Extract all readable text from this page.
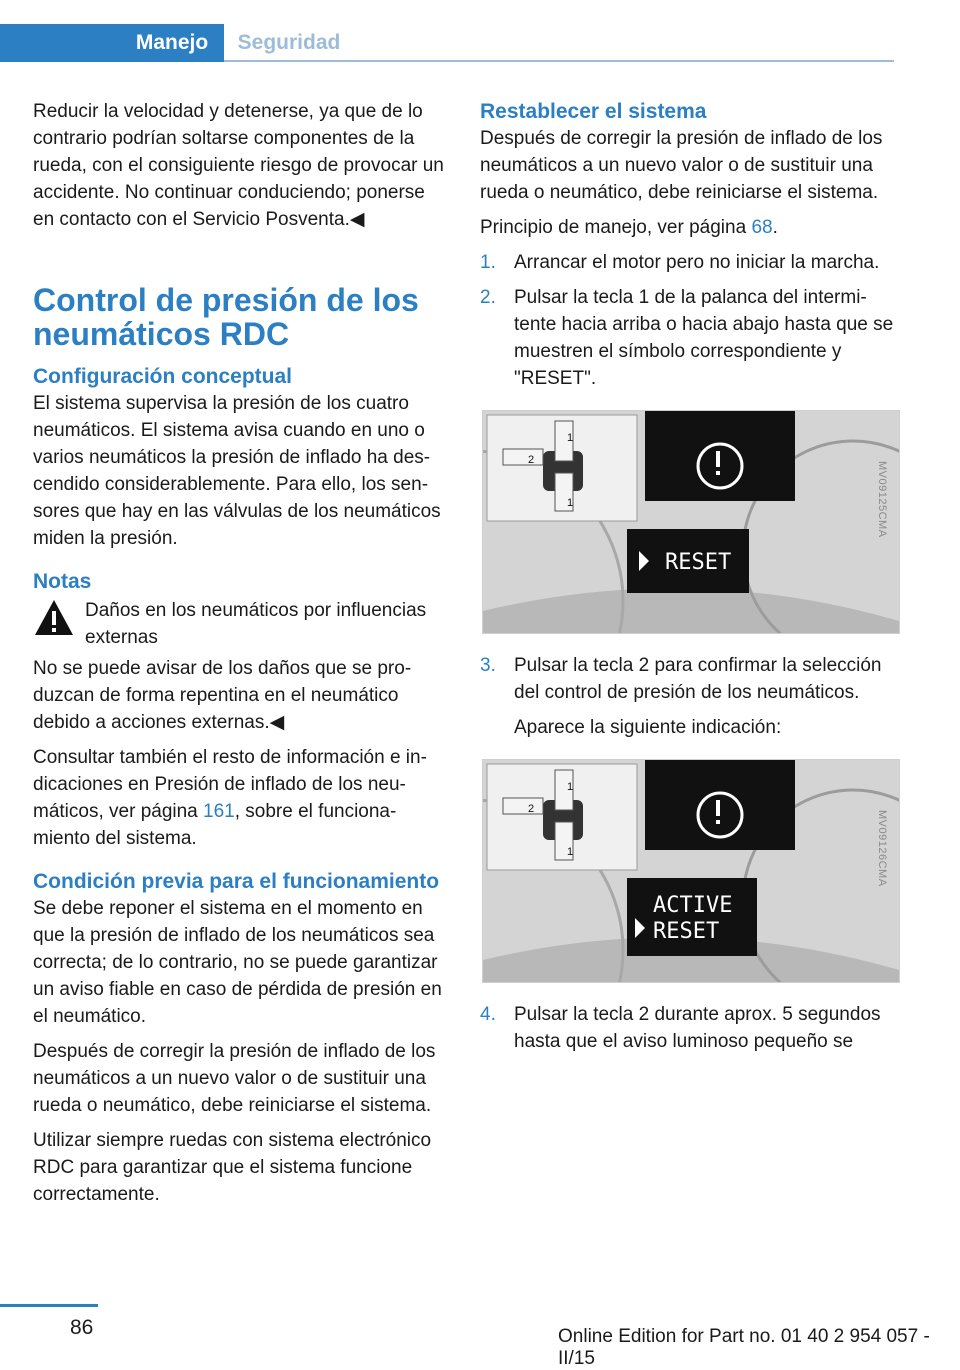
Manejo	Seguridad

Reducir la velocidad y detenerse, ya que de lo contrario podrían soltarse componentes de la rueda, con el consiguiente riesgo de provocar un accidente. No continuar conduciendo; ponerse en contacto con el Servicio Posventa.◀

Control de presión de los neumáticos RDC
Configuración conceptual

El sistema supervisa la presión de los cuatro neumáticos. El sistema avisa cuando en uno o varios neumáticos la presión de inflado ha descendido considerablemente. Para ello, los sensores que hay en las válvulas de los neumáticos miden la presión.

Notas
Daños en los neumáticos por influencias externas

No se puede avisar de los daños que se produzcan de forma repentina en el neumático debido a acciones externas.◀

Consultar también el resto de información e indicaciones en Presión de inflado de los neumáticos, ver página 161, sobre el funcionamiento del sistema.

Condición previa para el funcionamiento

Se debe reponer el sistema en el momento en que la presión de inflado de los neumáticos sea correcta; de lo contrario, no se puede garantizar un aviso fiable en caso de pérdida de presión en el neumático.

Después de corregir la presión de inflado de los neumáticos a un nuevo valor o de sustituir una rueda o neumático, debe reiniciarse el sistema.

Utilizar siempre ruedas con sistema electrónico RDC para garantizar que el sistema funcione correctamente.

Restablecer el sistema

Después de corregir la presión de inflado de los neumáticos a un nuevo valor o de sustituir una rueda o neumático, debe reiniciarse el sistema.

Principio de manejo, ver página 68.

1. Arrancar el motor pero no iniciar la marcha.
2. Pulsar la tecla 1 de la palanca del intermitente hacia arriba o hacia abajo hasta que se muestren el símbolo correspondiente y "RESET".
1
1
2
RESET
MV09125CMA
3. Pulsar la tecla 2 para confirmar la selección del control de presión de los neumáticos.
Aparece la siguiente indicación:
1
1
2
ACTIVE
RESET
MV09126CMA
4. Pulsar la tecla 2 durante aprox. 5 segundos hasta que el aviso luminoso pequeño se
86	Online Edition for Part no. 01 40 2 954 057 - II/15
